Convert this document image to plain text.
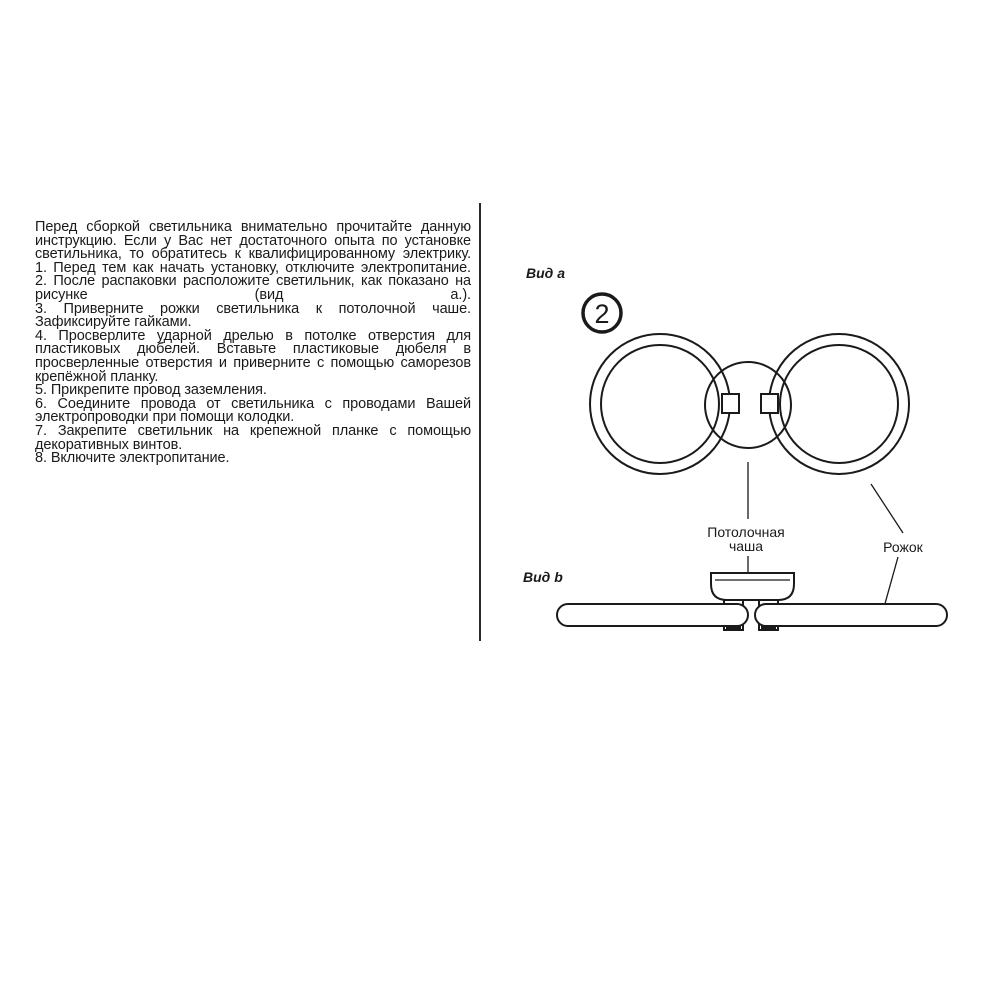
Перед сборкой светильника внимательно прочитайте данную инструкцию. Если у Вас нет достаточного опыта по установке светильника, то обратитесь к квалифицированному электрику.

1. Перед тем как начать установку, отключите электропитание.

2. После распаковки расположите светильник, как показано на рисунке (вид а.).

3. Приверните рожки светильника к потолочной чаше. Зафиксируйте гайками.

4. Просверлите ударной дрелью в потолке отверстия для пластиковых дюбелей. Вставьте пластиковые дюбеля в просверленные отверстия и приверните с помощью саморезов крепёжной планку.

5. Прикрепите провод заземления.

6. Соедините провода от светильника с проводами Вашей электропроводки при помощи колодки.

7. Закрепите светильник на крепежной планке с помощью декоративных винтов.

8. Включите электропитание.

Вид а
2
Потолочная
чаша	Рожок
Вид b
